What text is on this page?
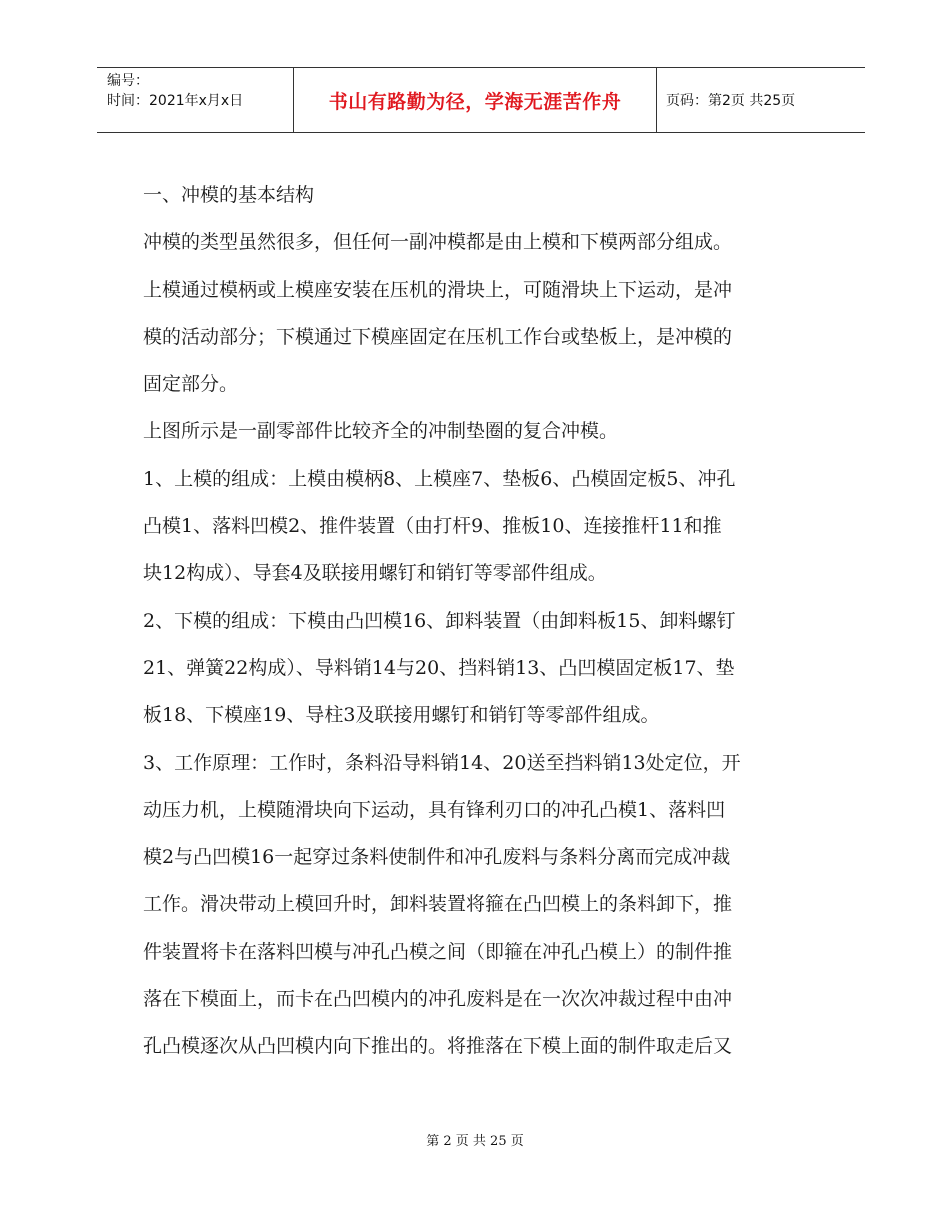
编号：
时间：2021年x月x日	书山有路勤为径，学海无涯苦作舟	页码：第2页 共25页
一、冲模的基本结构
冲模的类型虽然很多，但任何一副冲模都是由上模和下模两部分组成。
上模通过模柄或上模座安装在压机的滑块上，可随滑块上下运动，是冲
模的活动部分；下模通过下模座固定在压机工作台或垫板上，是冲模的
固定部分。
上图所示是一副零部件比较齐全的冲制垫圈的复合冲模。
1、上模的组成：上模由模柄8、上模座7、垫板6、凸模固定板5、冲孔
凸模1、落料凹模2、推件装置（由打杆9、推板10、连接推杆11和推
块12构成）、导套4及联接用螺钉和销钉等零部件组成。
2、下模的组成：下模由凸凹模16、卸料装置（由卸料板15、卸料螺钉
21、弹簧22构成）、导料销14与20、挡料销13、凸凹模固定板17、垫
板18、下模座19、导柱3及联接用螺钉和销钉等零部件组成。
3、工作原理：工作时，条料沿导料销14、20送至挡料销13处定位，开
动压力机，上模随滑块向下运动，具有锋利刃口的冲孔凸模1、落料凹
模2与凸凹模16一起穿过条料使制件和冲孔废料与条料分离而完成冲裁
工作。滑决带动上模回升时，卸料装置将箍在凸凹模上的条料卸下，推
件装置将卡在落料凹模与冲孔凸模之间（即箍在冲孔凸模上）的制件推
落在下模面上，而卡在凸凹模内的冲孔废料是在一次次冲裁过程中由冲
孔凸模逐次从凸凹模内向下推出的。将推落在下模上面的制件取走后又
第 2 页 共 25 页
